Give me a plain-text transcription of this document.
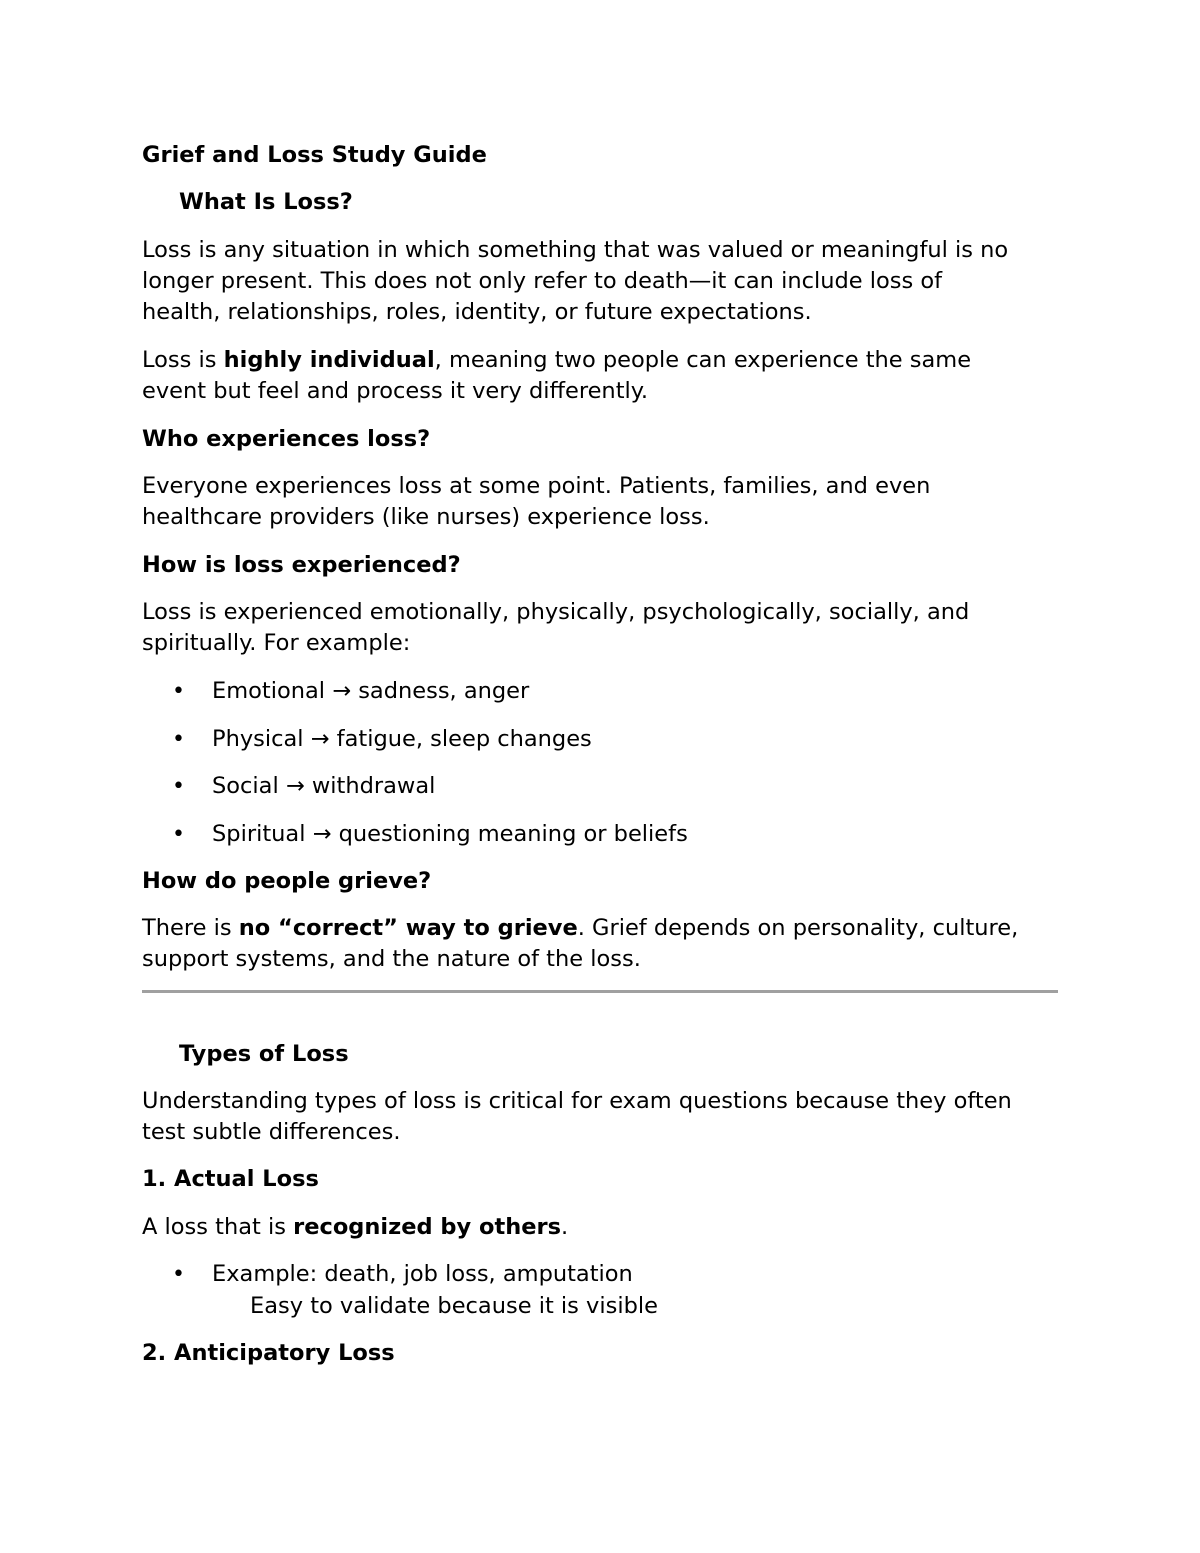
Grief and Loss Study Guide
What Is Loss?
Loss is any situation in which something that was valued or meaningful is no
longer present. This does not only refer to death—it can include loss of
health, relationships, roles, identity, or future expectations.
Loss is highly individual, meaning two people can experience the same
event but feel and process it very differently.
Who experiences loss?
Everyone experiences loss at some point. Patients, families, and even
healthcare providers (like nurses) experience loss.
How is loss experienced?
Loss is experienced emotionally, physically, psychologically, socially, and
spiritually. For example:
• Emotional → sadness, anger
• Physical → fatigue, sleep changes
• Social → withdrawal
• Spiritual → questioning meaning or beliefs
How do people grieve?
There is no “correct” way to grieve. Grief depends on personality, culture,
support systems, and the nature of the loss.
Types of Loss
Understanding types of loss is critical for exam questions because they often
test subtle differences.
1. Actual Loss
A loss that is recognized by others.
• Example: death, job loss, amputation
Easy to validate because it is visible
2. Anticipatory Loss
